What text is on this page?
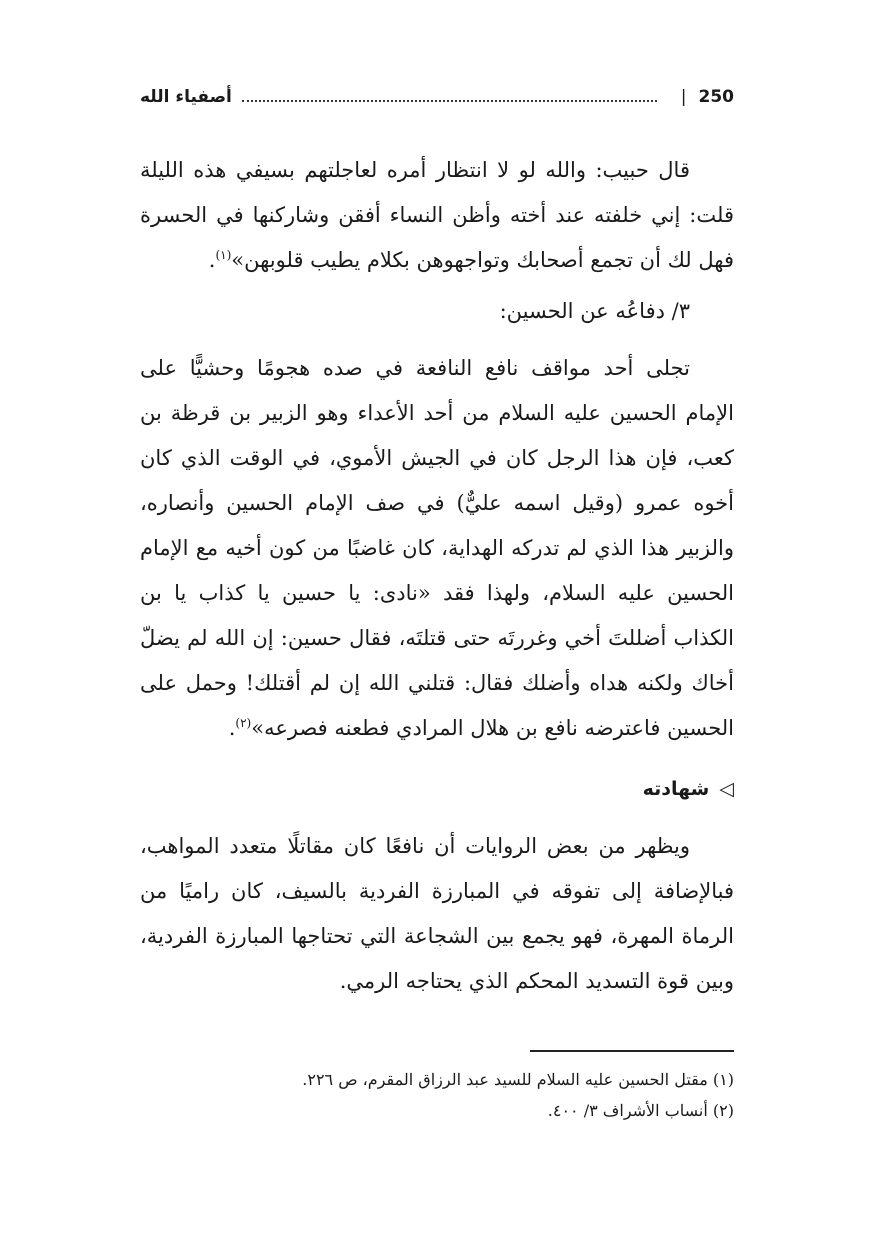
250
|
أصفياء الله

قال حبيب: والله لو لا انتظار أمره لعاجلتهم بسيفي هذه الليلة قلت: إني خلفته عند أخته وأظن النساء أفقن وشاركنها في الحسرة فهل لك أن تجمع أصحابك وتواجهوهن بكلام يطيب قلوبهن»$^{(١)}$.

٣/ دفاعُه عن الحسين:

تجلى أحد مواقف نافع النافعة في صده هجومًا وحشيًّا على الإمام الحسين عليه السلام من أحد الأعداء وهو الزبير بن قرظة بن كعب، فإن هذا الرجل كان في الجيش الأموي، في الوقت الذي كان أخوه عمرو (وقيل اسمه عليٌّ) في صف الإمام الحسين وأنصاره، والزبير هذا الذي لم تدركه الهداية، كان غاضبًا من كون أخيه مع الإمام الحسين عليه السلام، ولهذا فقد «نادى: يا حسين يا كذاب يا بن الكذاب أضللتَ أخي وغررتَه حتى قتلتَه، فقال حسين: إن الله لم يضلّ أخاك ولكنه هداه وأضلك فقال: قتلني الله إن لم أقتلك! وحمل على الحسين فاعترضه نافع بن هلال المرادي فطعنه فصرعه»$^{(٢)}$.

◁شهادته

ويظهر من بعض الروايات أن نافعًا كان مقاتلًا متعدد المواهب، فبالإضافة إلى تفوقه في المبارزة الفردية بالسيف، كان راميًا من الرماة المهرة، فهو يجمع بين الشجاعة التي تحتاجها المبارزة الفردية، وبين قوة التسديد المحكم الذي يحتاجه الرمي.

(١) مقتل الحسين عليه السلام للسيد عبد الرزاق المقرم، ص ٢٢٦.

(٢) أنساب الأشراف ٣/ ٤٠٠.
